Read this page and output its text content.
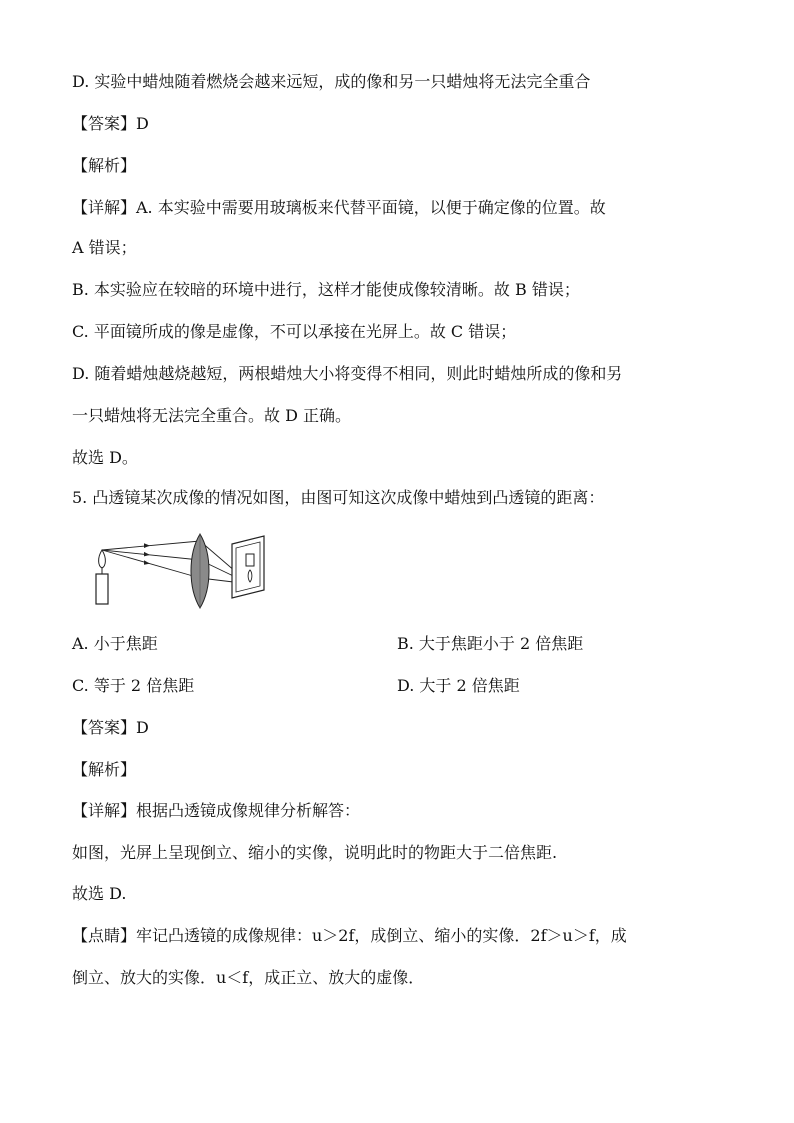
D. 实验中蜡烛随着燃烧会越来远短，成的像和另一只蜡烛将无法完全重合
【答案】D
【解析】
【详解】A. 本实验中需要用玻璃板来代替平面镜，以便于确定像的位置。故
A 错误；
B. 本实验应在较暗的环境中进行，这样才能使成像较清晰。故 B 错误；
C. 平面镜所成的像是虚像，不可以承接在光屏上。故 C 错误；
D. 随着蜡烛越烧越短，两根蜡烛大小将变得不相同，则此时蜡烛所成的像和另
一只蜡烛将无法完全重合。故 D 正确。
故选 D。
5. 凸透镜某次成像的情况如图，由图可知这次成像中蜡烛到凸透镜的距离：
A. 小于焦距	B. 大于焦距小于 2 倍焦距
C. 等于 2 倍焦距	D. 大于 2 倍焦距
【答案】D
【解析】
【详解】根据凸透镜成像规律分析解答：
如图，光屏上呈现倒立、缩小的实像，说明此时的物距大于二倍焦距.
故选 D.
【点睛】牢记凸透镜的成像规律：u＞2f，成倒立、缩小的实像．2f＞u＞f，成
倒立、放大的实像．u＜f，成正立、放大的虚像．
